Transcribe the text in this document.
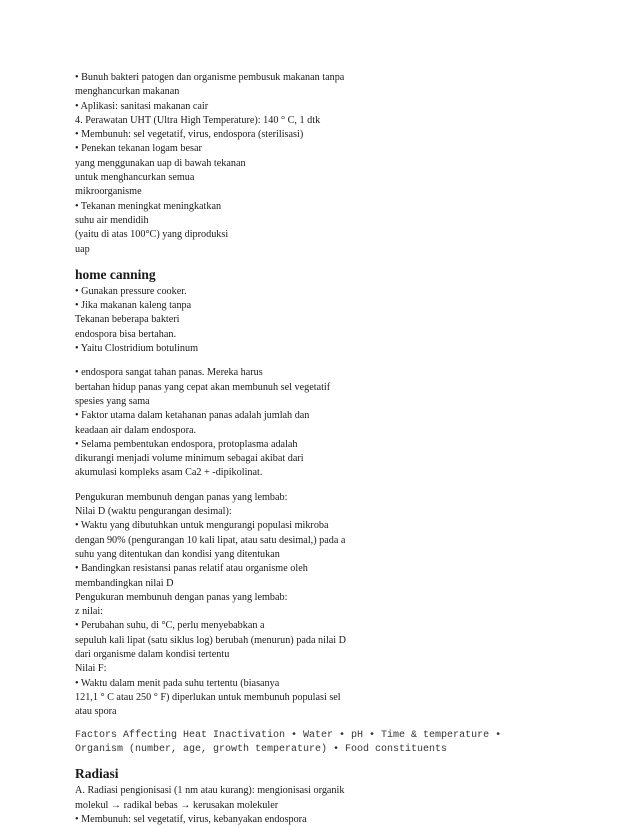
• Bunuh bakteri patogen dan organisme pembusuk makanan tanpa
menghancurkan makanan
• Aplikasi: sanitasi makanan cair
4. Perawatan UHT (Ultra High Temperature): 140 ° C, 1 dtk
• Membunuh: sel vegetatif, virus, endospora (sterilisasi)
• Penekan tekanan logam besar
yang menggunakan uap di bawah tekanan
untuk menghancurkan semua
mikroorganisme
• Tekanan meningkat meningkatkan
suhu air mendidih
(yaitu di atas 100°C) yang diproduksi
uap
home canning
• Gunakan pressure cooker.
• Jika makanan kaleng tanpa
Tekanan beberapa bakteri
endospora bisa bertahan.
• Yaitu Clostridium botulinum
• endospora sangat tahan panas. Mereka harus
bertahan hidup panas yang cepat akan membunuh sel vegetatif
spesies yang sama
• Faktor utama dalam ketahanan panas adalah jumlah dan
keadaan air dalam endospora.
• Selama pembentukan endospora, protoplasma adalah
dikurangi menjadi volume minimum sebagai akibat dari
akumulasi kompleks asam Ca2 + -dipikolinat.
Pengukuran membunuh dengan panas yang lembab:
Nilai D (waktu pengurangan desimal):
• Waktu yang dibutuhkan untuk mengurangi populasi mikroba
dengan 90% (pengurangan 10 kali lipat, atau satu desimal,) pada a
suhu yang ditentukan dan kondisi yang ditentukan
• Bandingkan resistansi panas relatif atau organisme oleh
membandingkan nilai D
Pengukuran membunuh dengan panas yang lembab:
z nilai:
• Perubahan suhu, di °C, perlu menyebabkan a
sepuluh kali lipat (satu siklus log) berubah (menurun) pada nilai D
dari organisme dalam kondisi tertentu
Nilai F:
• Waktu dalam menit pada suhu tertentu (biasanya
121,1 ° C atau 250 ° F) diperlukan untuk membunuh populasi sel
atau spora
Factors Affecting Heat Inactivation • Water • pH • Time & temperature •
Organism (number, age, growth temperature) • Food constituents
Radiasi
A. Radiasi pengionisasi (1 nm atau kurang): mengionisasi organik
molekul → radikal bebas → kerusakan molekuler
• Membunuh: sel vegetatif, virus, kebanyakan endospora
